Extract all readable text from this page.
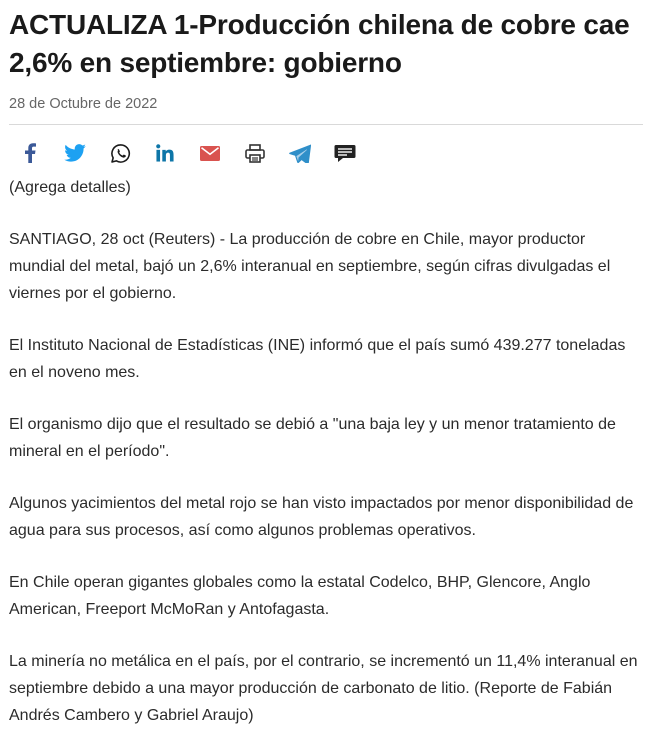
ACTUALIZA 1-Producción chilena de cobre cae 2,6% en septiembre: gobierno
28 de Octubre de 2022

(Agrega detalles)

SANTIAGO, 28 oct (Reuters) - La producción de cobre en Chile, mayor productor mundial del metal, bajó un 2,6% interanual en septiembre, según cifras divulgadas el viernes por el gobierno.

El Instituto Nacional de Estadísticas (INE) informó que el país sumó 439.277 toneladas en el noveno mes.

El organismo dijo que el resultado se debió a "una baja ley y un menor tratamiento de mineral en el período".

Algunos yacimientos del metal rojo se han visto impactados por menor disponibilidad de agua para sus procesos, así como algunos problemas operativos.

En Chile operan gigantes globales como la estatal Codelco, BHP, Glencore, Anglo American, Freeport McMoRan y Antofagasta.

La minería no metálica en el país, por el contrario, se incrementó un 11,4% interanual en septiembre debido a una mayor producción de carbonato de litio. (Reporte de Fabián Andrés Cambero y Gabriel Araujo)
